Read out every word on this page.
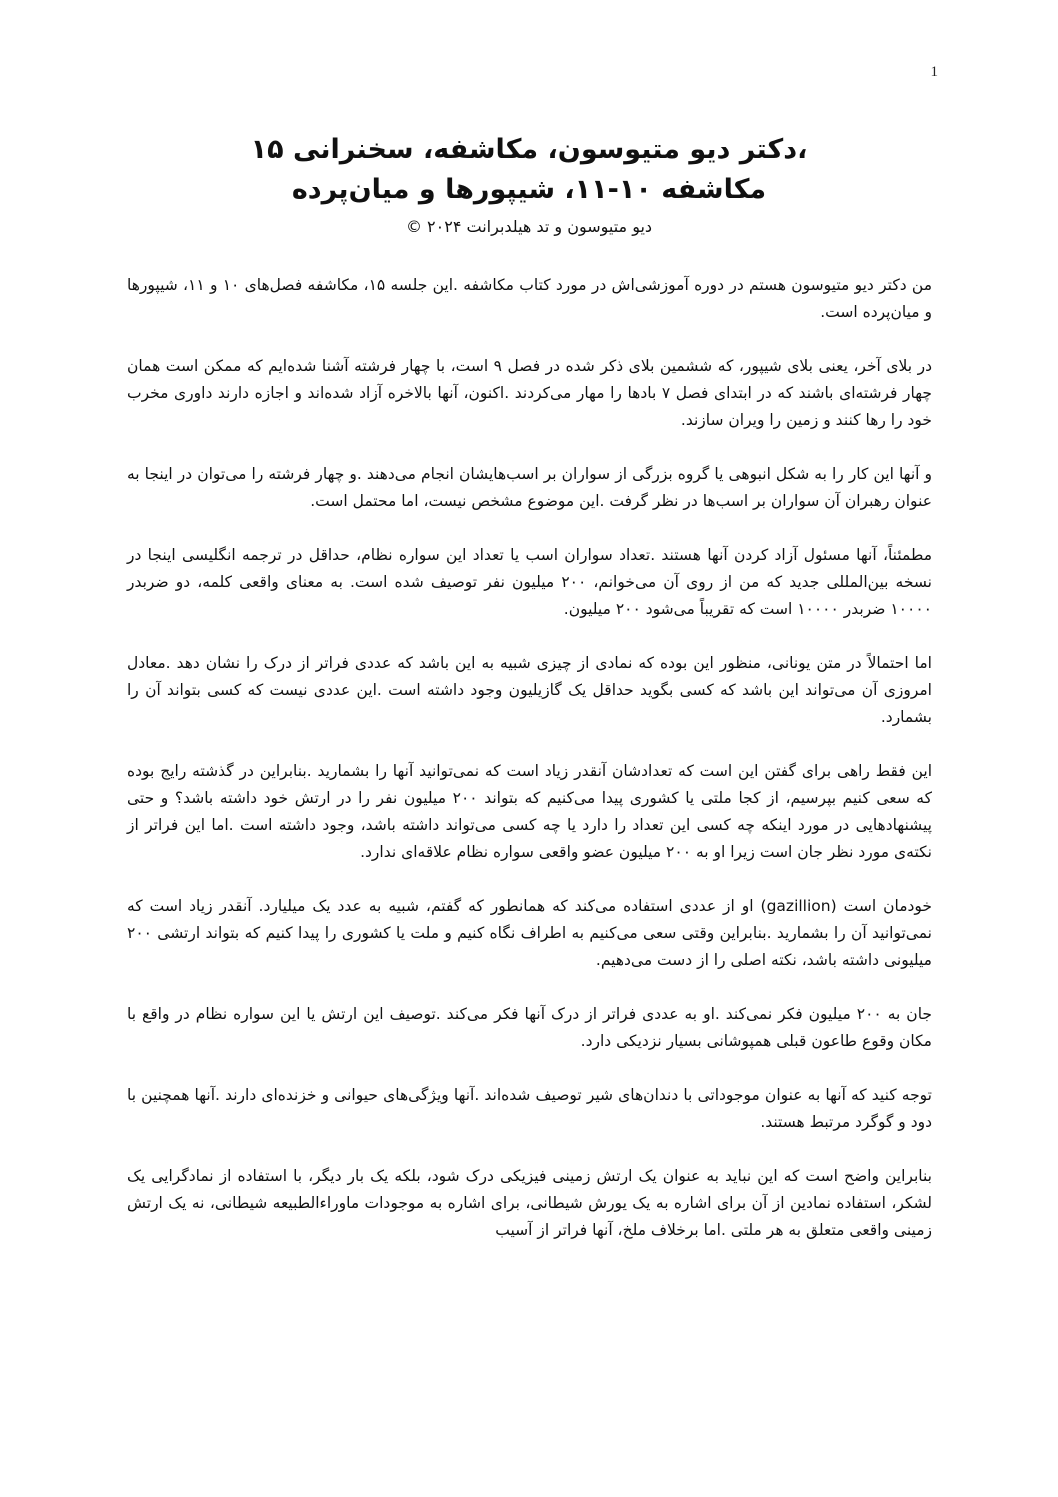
1
،دکتر دیو متیوسون، مکاشفه، سخنرانی ۱۵
مکاشفه ۱۰-۱۱، شیپورها و میان‌پرده
دیو متیوسون و تد هیلدبرانت ۲۰۲۴ ©

من دکتر دیو متیوسون هستم در دوره آموزشی‌اش در مورد کتاب مکاشفه .این جلسه ۱۵، مکاشفه فصل‌های ۱۰ و ۱۱، شیپورها و میان‌پرده است.

در بلای آخر، یعنی بلای شیپور، که ششمین بلای ذکر شده در فصل ۹ است، با چهار فرشته آشنا شده‌ایم که ممکن است همان چهار فرشته‌ای باشند که در ابتدای فصل ۷ بادها را مهار می‌کردند .اکنون، آنها بالاخره آزاد شده‌اند و اجازه دارند داوری مخرب خود را رها کنند و زمین را ویران سازند.

و آنها این کار را به شکل انبوهی یا گروه بزرگی از سواران بر اسب‌هایشان انجام می‌دهند .و چهار فرشته را می‌توان در اینجا به عنوان رهبران آن سواران بر اسب‌ها در نظر گرفت .این موضوع مشخص نیست، اما محتمل است.

مطمئناً، آنها مسئول آزاد کردن آنها هستند .تعداد سواران اسب یا تعداد این سواره نظام، حداقل در ترجمه انگلیسی اینجا در نسخه بین‌المللی جدید که من از روی آن می‌خوانم، ۲۰۰ میلیون نفر توصیف شده است. به معنای واقعی کلمه، دو ضربدر ۱۰۰۰۰ ضربدر ۱۰۰۰۰ است که تقریباً می‌شود ۲۰۰ میلیون.

اما احتمالاً در متن یونانی، منظور این بوده که نمادی از چیزی شبیه به این باشد که عددی فراتر از درک را نشان دهد .معادل امروزی آن می‌تواند این باشد که کسی بگوید حداقل یک گازیلیون وجود داشته است .این عددی نیست که کسی بتواند آن را بشمارد.

این فقط راهی برای گفتن این است که تعدادشان آنقدر زیاد است که نمی‌توانید آنها را بشمارید .بنابراین در گذشته رایج بوده که سعی کنیم بپرسیم، از کجا ملتی یا کشوری پیدا می‌کنیم که بتواند ۲۰۰ میلیون نفر را در ارتش خود داشته باشد؟ و حتی پیشنهادهایی در مورد اینکه چه کسی این تعداد را دارد یا چه کسی می‌تواند داشته باشد، وجود داشته است .اما این فراتر از نکته‌ی مورد نظر جان است زیرا او به ۲۰۰ میلیون عضو واقعی سواره نظام علاقه‌ای ندارد.

خودمان است (gazillion) او از عددی استفاده می‌کند که همانطور که گفتم، شبیه به عدد یک میلیارد. آنقدر زیاد است که نمی‌توانید آن را بشمارید .بنابراین وقتی سعی می‌کنیم به اطراف نگاه کنیم و ملت یا کشوری را پیدا کنیم که بتواند ارتشی ۲۰۰ میلیونی داشته باشد، نکته اصلی را از دست می‌دهیم.

جان به ۲۰۰ میلیون فکر نمی‌کند .او به عددی فراتر از درک آنها فکر می‌کند .توصیف این ارتش یا این سواره نظام در واقع با مکان وقوع طاعون قبلی همپوشانی بسیار نزدیکی دارد.

توجه کنید که آنها به عنوان موجوداتی با دندان‌های شیر توصیف شده‌اند .آنها ویژگی‌های حیوانی و خزنده‌ای دارند .آنها همچنین با دود و گوگرد مرتبط هستند.

بنابراین واضح است که این نباید به عنوان یک ارتش زمینی فیزیکی درک شود، بلکه یک بار دیگر، با استفاده از نمادگرایی یک لشکر، استفاده نمادین از آن برای اشاره به یک یورش شیطانی، برای اشاره به موجودات ماوراءالطبیعه شیطانی، نه یک ارتش زمینی واقعی متعلق به هر ملتی .اما برخلاف ملخ، آنها فراتر از آسیب
